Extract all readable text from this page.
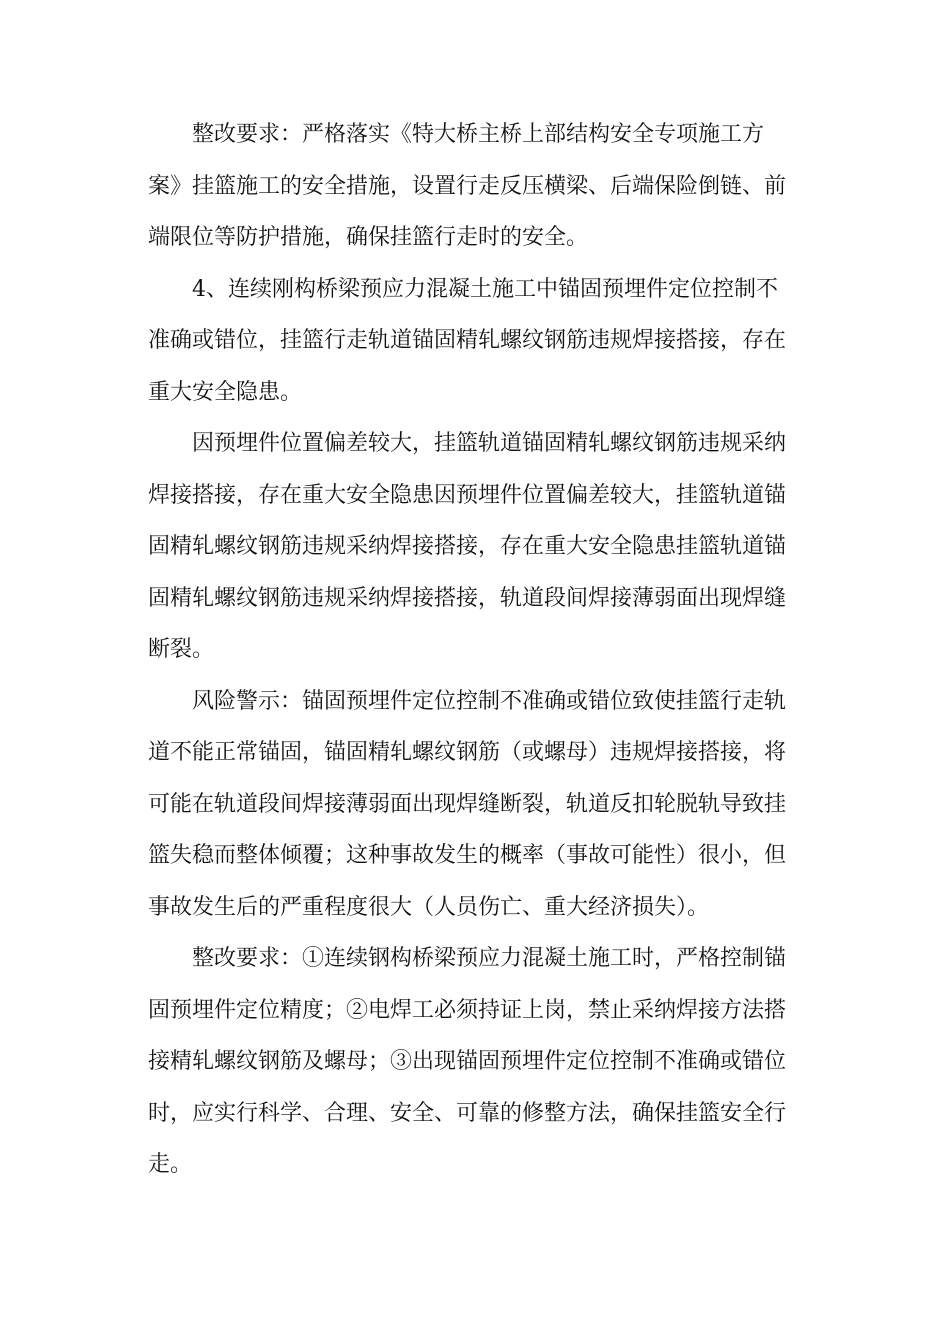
整改要求：严格落实《特大桥主桥上部结构安全专项施工方
案》挂篮施工的安全措施，设置行走反压横梁、后端保险倒链、前
端限位等防护措施，确保挂篮行走时的安全。

4、连续刚构桥梁预应力混凝土施工中锚固预埋件定位控制不
准确或错位，挂篮行走轨道锚固精轧螺纹钢筋违规焊接搭接，存在
重大安全隐患。

因预埋件位置偏差较大，挂篮轨道锚固精轧螺纹钢筋违规采纳
焊接搭接，存在重大安全隐患因预埋件位置偏差较大，挂篮轨道锚
固精轧螺纹钢筋违规采纳焊接搭接，存在重大安全隐患挂篮轨道锚
固精轧螺纹钢筋违规采纳焊接搭接，轨道段间焊接薄弱面出现焊缝
断裂。

风险警示：锚固预埋件定位控制不准确或错位致使挂篮行走轨
道不能正常锚固，锚固精轧螺纹钢筋（或螺母）违规焊接搭接，将
可能在轨道段间焊接薄弱面出现焊缝断裂，轨道反扣轮脱轨导致挂
篮失稳而整体倾覆；这种事故发生的概率（事故可能性）很小，但
事故发生后的严重程度很大（人员伤亡、重大经济损失）。

整改要求：①连续钢构桥梁预应力混凝土施工时，严格控制锚
固预埋件定位精度；②电焊工必须持证上岗，禁止采纳焊接方法搭
接精轧螺纹钢筋及螺母；③出现锚固预埋件定位控制不准确或错位
时，应实行科学、合理、安全、可靠的修整方法，确保挂篮安全行
走。
